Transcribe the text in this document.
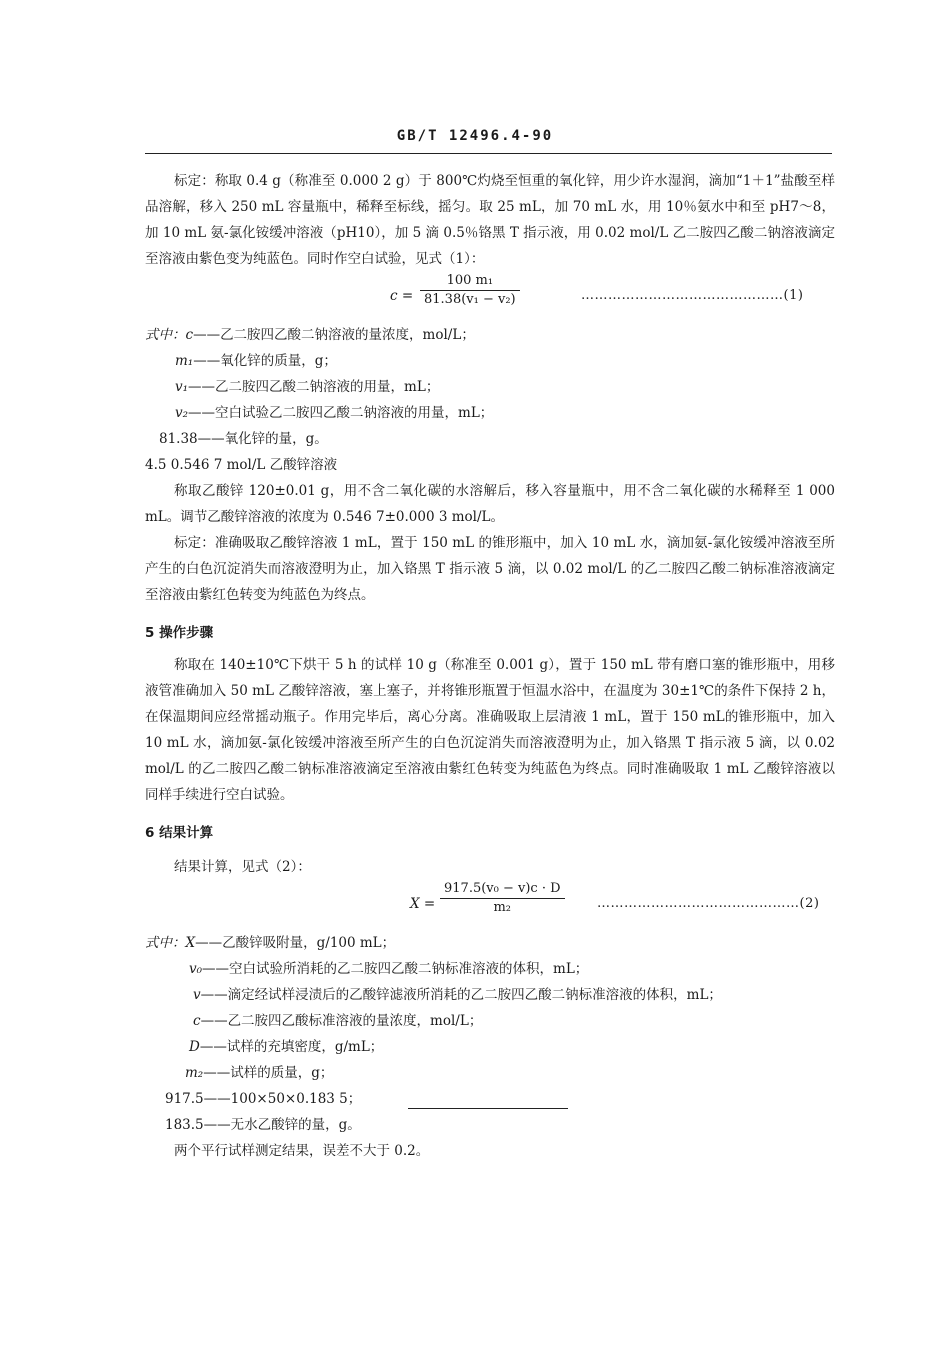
GB/T 12496.4-90

标定：称取 0.4 g（称准至 0.000 2 g）于 800℃灼烧至恒重的氧化锌，用少许水湿润，滴加“1＋1”盐酸至样品溶解，移入 250 mL 容量瓶中，稀释至标线，摇匀。取 25 mL，加 70 mL 水，用 10％氨水中和至 pH7～8，加 10 mL 氨-氯化铵缓冲溶液（pH10），加 5 滴 0.5％铬黑 T 指示液，用 0.02 mol/L 乙二胺四乙酸二钠溶液滴定至溶液由紫色变为纯蓝色。同时作空白试验，见式（1）：

$c = \frac{\text{100 m₁}}{\text{81.38(v₁ − v₂)}}$	………………………………………(1)

式中：c——乙二胺四乙酸二钠溶液的量浓度，mol/L；

m₁——氧化锌的质量，g；

v₁——乙二胺四乙酸二钠溶液的用量，mL；

v₂——空白试验乙二胺四乙酸二钠溶液的用量，mL；

81.38——氧化锌的量，g。

4.5 0.546 7 mol/L 乙酸锌溶液

称取乙酸锌 120±0.01 g，用不含二氧化碳的水溶解后，移入容量瓶中，用不含二氧化碳的水稀释至 1 000 mL。调节乙酸锌溶液的浓度为 0.546 7±0.000 3 mol/L。

标定：准确吸取乙酸锌溶液 1 mL，置于 150 mL 的锥形瓶中，加入 10 mL 水，滴加氨-氯化铵缓冲溶液至所产生的白色沉淀消失而溶液澄明为止，加入铬黑 T 指示液 5 滴，以 0.02 mol/L 的乙二胺四乙酸二钠标准溶液滴定至溶液由紫红色转变为纯蓝色为终点。

5 操作步骤

称取在 140±10℃下烘干 5 h 的试样 10 g（称准至 0.001 g），置于 150 mL 带有磨口塞的锥形瓶中，用移液管准确加入 50 mL 乙酸锌溶液，塞上塞子，并将锥形瓶置于恒温水浴中，在温度为 30±1℃的条件下保持 2 h，在保温期间应经常摇动瓶子。作用完毕后，离心分离。准确吸取上层清液 1 mL，置于 150 mL的锥形瓶中，加入 10 mL 水，滴加氨-氯化铵缓冲溶液至所产生的白色沉淀消失而溶液澄明为止，加入铬黑 T 指示液 5 滴，以 0.02 mol/L 的乙二胺四乙酸二钠标准溶液滴定至溶液由紫红色转变为纯蓝色为终点。同时准确吸取 1 mL 乙酸锌溶液以同样手续进行空白试验。

6 结果计算

结果计算，见式（2）：

$X = \frac{\text{917.5(v₀ − v)c · D}}{\text{m₂}}$ ………………………………………(2)

式中：X——乙酸锌吸附量，g/100 mL；

v₀——空白试验所消耗的乙二胺四乙酸二钠标准溶液的体积，mL；

v——滴定经试样浸渍后的乙酸锌滤液所消耗的乙二胺四乙酸二钠标准溶液的体积，mL；

c——乙二胺四乙酸标准溶液的量浓度，mol/L；

D——试样的充填密度，g/mL；

m₂——试样的质量，g；

917.5——100×50×0.183 5；

183.5——无水乙酸锌的量，g。

两个平行试样测定结果，误差不大于 0.2。
